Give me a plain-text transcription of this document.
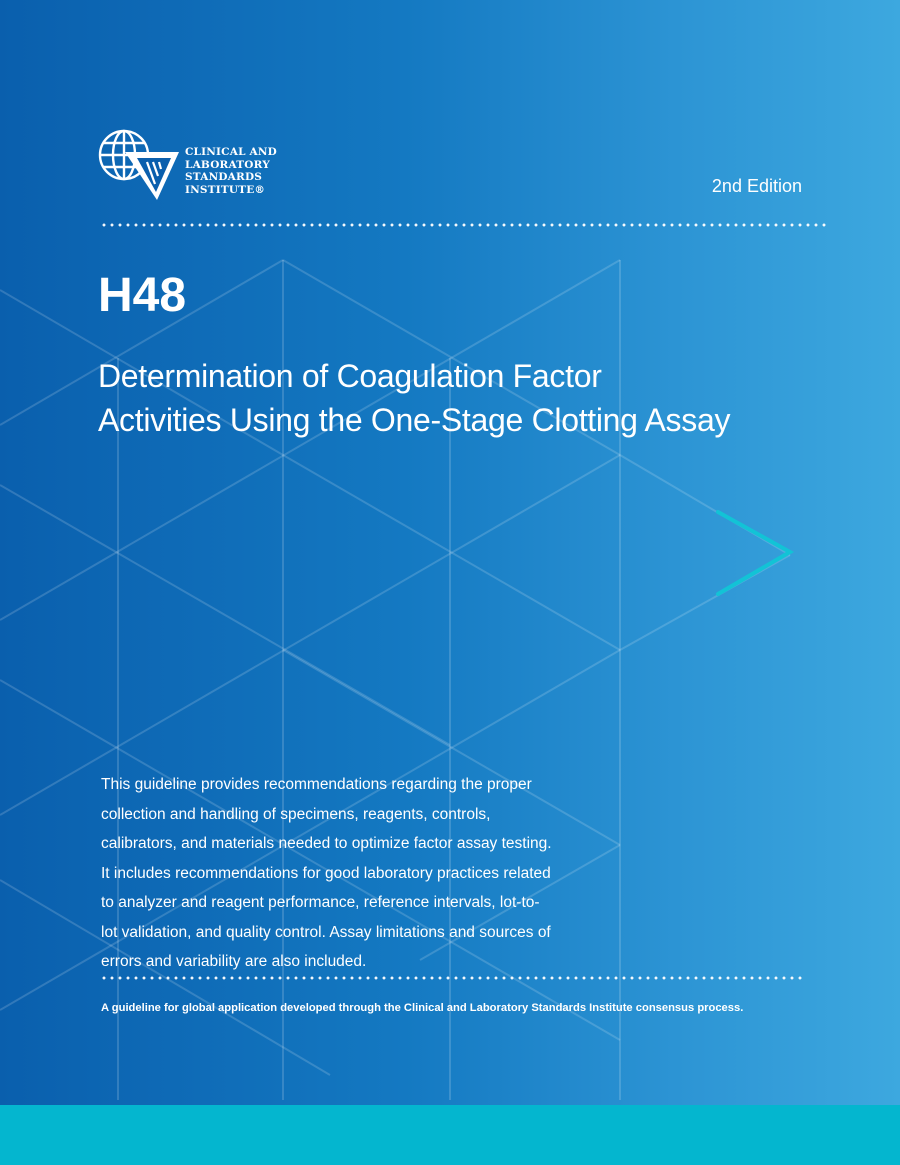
CLINICAL AND
LABORATORY
STANDARDS
INSTITUTE®	2nd Edition
H48
Determination of Coagulation Factor
Activities Using the One-Stage Clotting Assay
This guideline provides recommendations regarding the proper
collection and handling of specimens, reagents, controls,
calibrators, and materials needed to optimize factor assay testing.
It includes recommendations for good laboratory practices related
to analyzer and reagent performance, reference intervals, lot-to-
lot validation, and quality control. Assay limitations and sources of
errors and variability are also included.
A guideline for global application developed through the Clinical and Laboratory Standards Institute consensus process.
